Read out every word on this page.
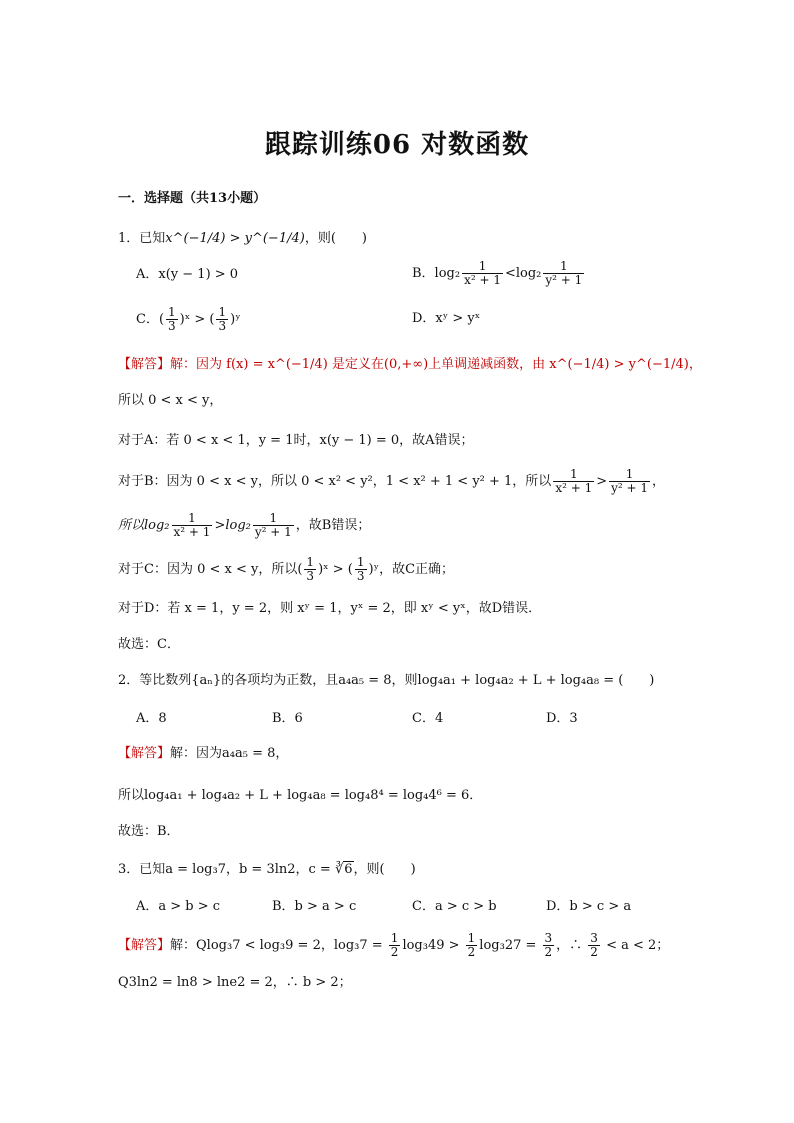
跟踪训练06 对数函数
一．选择题（共13小题）
1．已知x^(−1/4) > y^(−1/4)，则(　　)
A．x(y − 1) > 0	B．$\log_2 \frac{1}{\text{x² + 1}} <\log_2 \frac{1}{\text{y² + 1}}$
C．( $\frac{1}{3}$ )ˣ > ( $\frac{1}{3}$ )ʸ	D．xʸ > yˣ
【解答】解：因为 f(x) = x^(−1/4) 是定义在(0,+∞)上单调递减函数，由 x^(−1/4) > y^(−1/4)，
所以 0 < x < y，
对于A：若 0 < x < 1，y = 1时，x(y − 1) = 0，故A错误；
对于B：因为 0 < x < y，所以 0 < x² < y²，1 < x² + 1 < y² + 1，所以 $\frac{1}{\text{x² + 1}} > \frac{1}{\text{y² + 1}}$ ，
所以$\log_2 \frac{1}{\text{x² + 1}} >\log_2 \frac{1}{\text{y² + 1}}$ ，故B错误；
对于C：因为 0 < x < y，所以( $\frac{1}{3}$ )ˣ > ( $\frac{1}{3}$ )ʸ，故C正确；
对于D：若 x = 1，y = 2，则 xʸ = 1，yˣ = 2，即 xʸ < yˣ，故D错误．
故选：C．
2．等比数列{aₙ}的各项均为正数，且a₄a₅ = 8，则log₄a₁ + log₄a₂ + L + log₄a₈ = (　　)
A．8	B．6	C．4	D．3
【解答】解：因为a₄a₅ = 8，
所以log₄a₁ + log₄a₂ + L + log₄a₈ = log₄8⁴ = log₄4⁶ = 6．
故选：B．
3．已知a = log₃7，b = 3ln2，c = ∛6，则(　　)
A．a > b > c	B．b > a > c	C．a > c > b	D．b > c > a
【解答】解：Qlog₃7 < log₃9 = 2，$\log_37 = \frac{1}{2} \log_349 > \frac{1}{2} \log_327 = \frac{3}{2}$ ，∴ $\frac{3}{2} < a < 2$；
Q3ln2 = ln8 > lne2 = 2，∴ b > 2；
